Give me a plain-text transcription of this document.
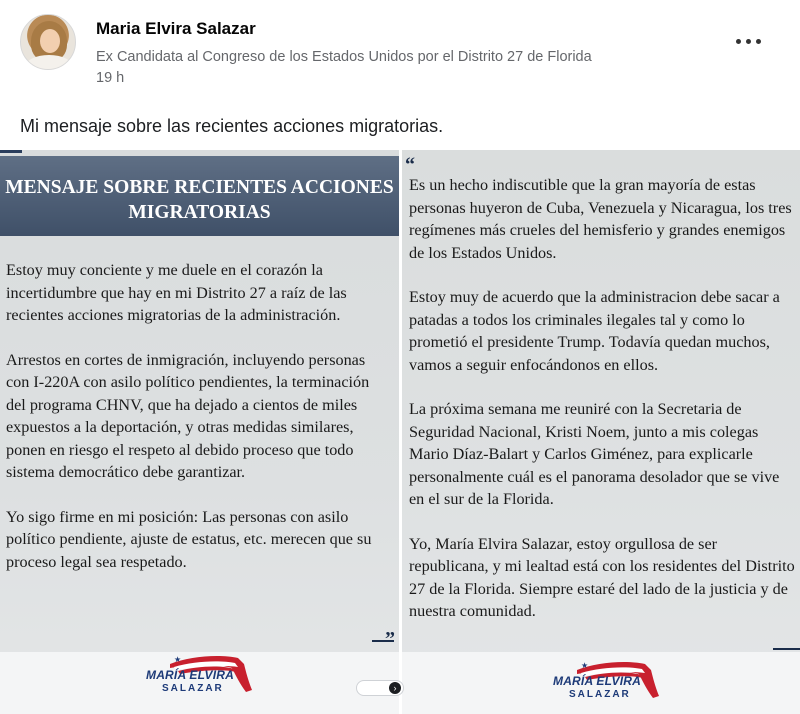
Maria Elvira Salazar
Ex Candidata al Congreso de los Estados Unidos por el Distrito 27 de Florida
19 h
Mi mensaje sobre las recientes acciones migratorias.
MENSAJE SOBRE RECIENTES ACCIONES
MIGRATORIAS

Estoy muy conciente y me duele en el corazón la incertidumbre que hay en mi Distrito 27 a raíz de las recientes acciones migratorias de la administración.

Arrestos en cortes de inmigración, incluyendo personas con I-220A con asilo político pendientes, la terminación del programa CHNV, que ha dejado a cientos de miles expuestos a la deportación, y otras medidas similares, ponen en riesgo el respeto al debido proceso que todo sistema democrático debe garantizar.

Yo sigo firme en mi posición: Las personas con asilo político pendiente, ajuste de estatus, etc. merecen que su proceso legal sea respetado.

“

Es un hecho indiscutible que la gran mayoría de estas personas huyeron de Cuba, Venezuela y Nicaragua, los tres regímenes más crueles del hemisferio y grandes enemigos de los Estados Unidos.

Estoy muy de acuerdo que la administracion debe sacar a patadas a todos los criminales ilegales tal y como lo prometió el presidente Trump. Todavía quedan muchos, vamos a seguir enfocándonos en ellos.

La próxima semana me reuniré con la Secretaria de Seguridad Nacional, Kristi Noem, junto a mis colegas Mario Díaz-Balart y Carlos Giménez, para explicarle personalmente cuál es el panorama desolador que se vive en el sur de la Florida.

Yo, María Elvira Salazar, estoy orgullosa de ser republicana, y mi lealtad está con los residentes del Distrito 27 de la Florida. Siempre estaré del lado de la justicia y de nuestra comunidad.

”
★
MARÍA ELVIRA
SALAZAR
★
MARÍA ELVIRA
SALAZAR
›
